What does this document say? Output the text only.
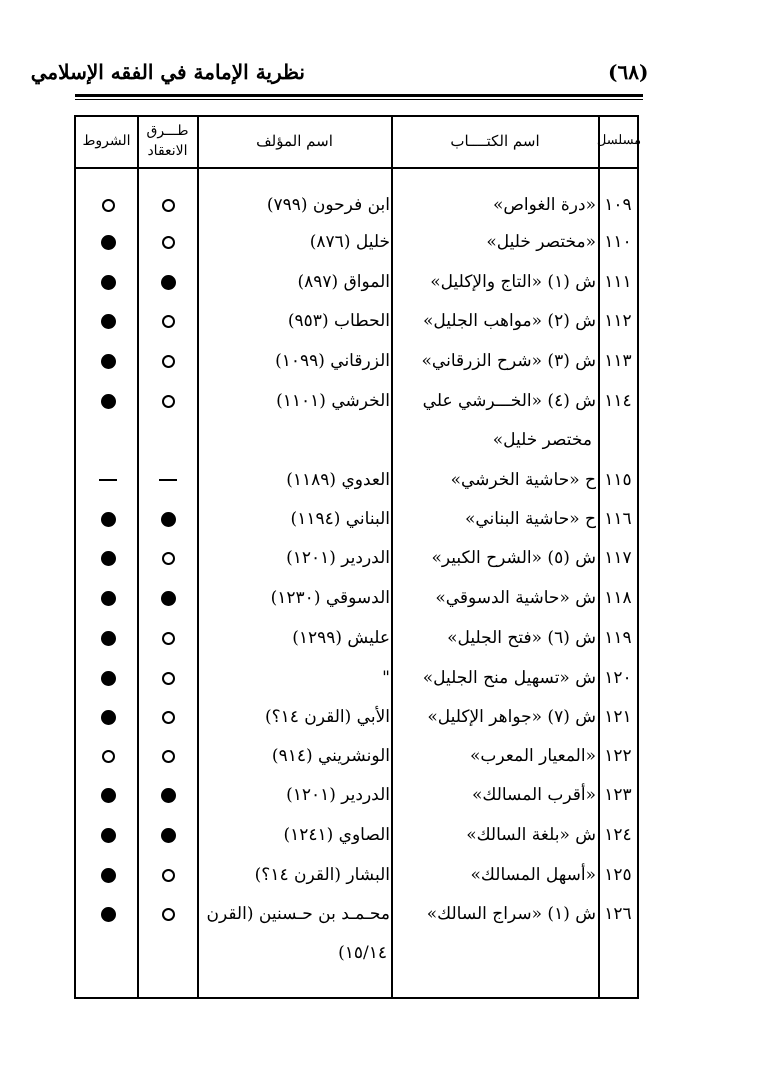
(٦٨)
نظرية الإمامة في الفقه الإسلامي
مسلسل
اسم الكتــــاب
اسم المؤلف
طـــرق الانعقاد
الشروط
١٠٩
«درة الغواص»
ابن فرحون (٧٩٩)
١١٠
«مختصر خليل»
خليل (٨٧٦)
١١١
ش (١) «التاج والإكليل»
المواق (٨٩٧)
١١٢
ش (٢) «مواهب الجليل»
الحطاب (٩٥٣)
١١٣
ش (٣) «شرح الزرقاني»
الزرقاني (١٠٩٩)
١١٤
ش (٤) «الخـــرشي علي
الخرشي (١١٠١)
١١٥
ح «حاشية الخرشي»
العدوي (١١٨٩)
١١٦
ح «حاشية البناني»
البناني (١١٩٤)
١١٧
ش (٥) «الشرح الكبير»
الدردير (١٢٠١)
١١٨
ش «حاشية الدسوقي»
الدسوقي (١٢٣٠)
١١٩
ش (٦) «فتح الجليل»
عليش (١٢٩٩)
١٢٠
ش «تسهيل منح الجليل»
"
١٢١
ش (٧) «جواهر الإكليل»
الأبي (القرن ١٤؟)
١٢٢
«المعيار المعرب»
الونشريني (٩١٤)
١٢٣
«أقرب المسالك»
الدردير (١٢٠١)
١٢٤
ش «بلغة السالك»
الصاوي (١٢٤١)
١٢٥
«أسهل المسالك»
البشار (القرن ١٤؟)
١٢٦
ش (١) «سراج السالك»
محـمـد بن حـسنين (القرن
مختصر خليل»
١٥/١٤)
